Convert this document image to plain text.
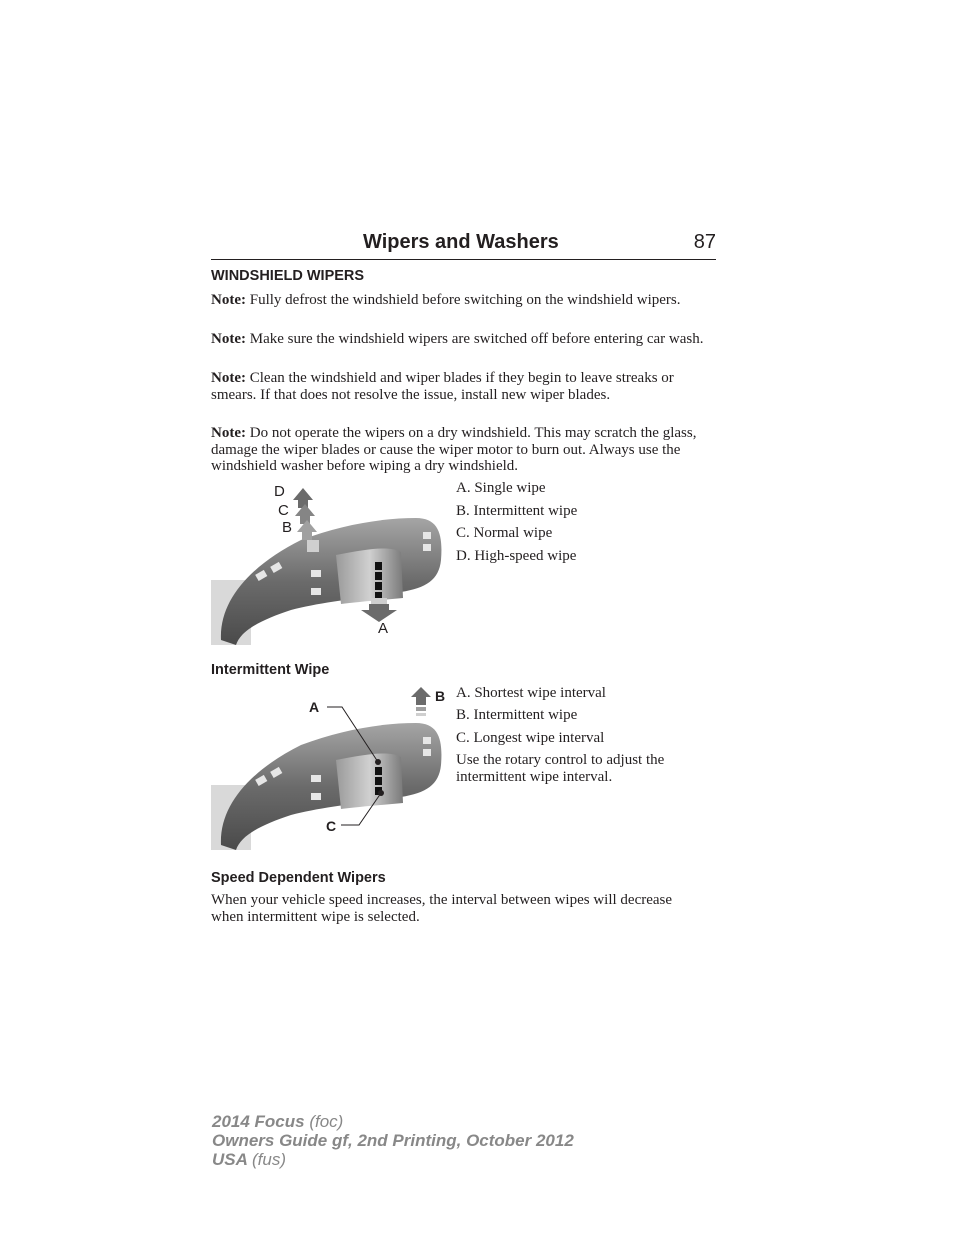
Wipers and Washers	87
WINDSHIELD WIPERS

Note: Fully defrost the windshield before switching on the windshield wipers.

Note: Make sure the windshield wipers are switched off before entering car wash.

Note: Clean the windshield and wiper blades if they begin to leave streaks or smears. If that does not resolve the issue, install new wiper blades.

Note: Do not operate the wipers on a dry windshield. This may scratch the glass, damage the wiper blades or cause the wiper motor to burn out. Always use the windshield washer before wiping a dry windshield.

D
C
B
A
A. Single wipe
B. Intermittent wipe
C. Normal wipe
D. High-speed wipe
Intermittent Wipe
A
B
C
A. Shortest wipe interval
B. Intermittent wipe
C. Longest wipe interval
Use the rotary control to adjust the intermittent wipe interval.
Speed Dependent Wipers

When your vehicle speed increases, the interval between wipes will decrease when intermittent wipe is selected.

2014 Focus (foc)
Owners Guide gf, 2nd Printing, October 2012
USA (fus)
